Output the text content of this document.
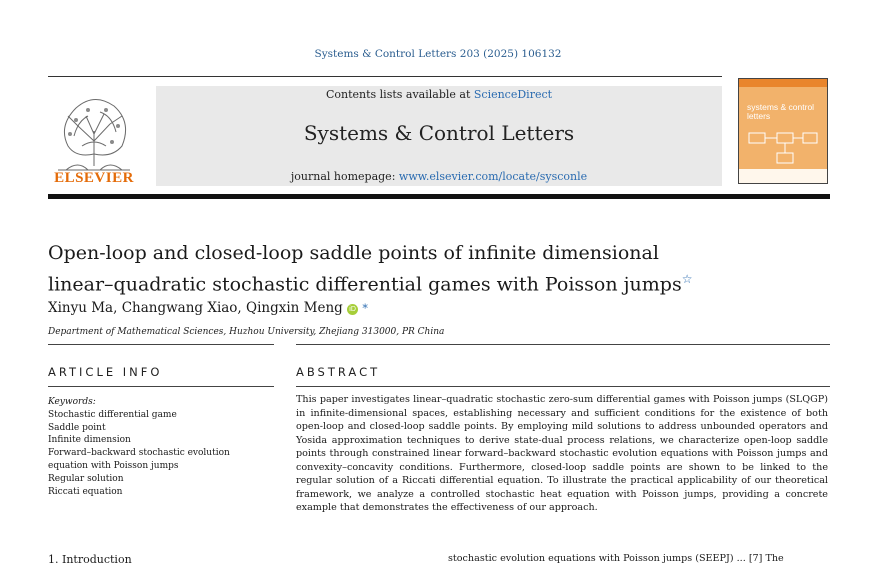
Systems & Control Letters 203 (2025) 106132
ELSEVIER
Contents lists available at ScienceDirect
Systems & Control Letters
journal homepage: www.elsevier.com/locate/sysconle
systems & control letters
Open-loop and closed-loop saddle points of infinite dimensional
linear–quadratic stochastic differential games with Poisson jumps☆
Xinyu Ma, Changwang Xiao, Qingxin Meng iD *
Department of Mathematical Sciences, Huzhou University, Zhejiang 313000, PR China
ARTICLE INFO	ABSTRACT
Keywords:
Stochastic differential game
Saddle point
Infinite dimension
Forward–backward stochastic evolution
equation with Poisson jumps
Regular solution
Riccati equation
This paper investigates linear–quadratic stochastic zero-sum differential games with Poisson jumps (SLQGP) in infinite-dimensional spaces, establishing necessary and sufficient conditions for the existence of both open-loop and closed-loop saddle points. By employing mild solutions to address unbounded operators and Yosida approximation techniques to derive state-dual process relations, we characterize open-loop saddle points through constrained linear forward–backward stochastic evolution equations with Poisson jumps and convexity–concavity conditions. Furthermore, closed-loop saddle points are shown to be linked to the regular solution of a Riccati differential equation. To illustrate the practical applicability of our theoretical framework, we analyze a controlled stochastic heat equation with Poisson jumps, providing a concrete example that demonstrates the effectiveness of our approach.
1. Introduction	stochastic evolution equations with Poisson jumps (SEEPJ) ... [7] The
